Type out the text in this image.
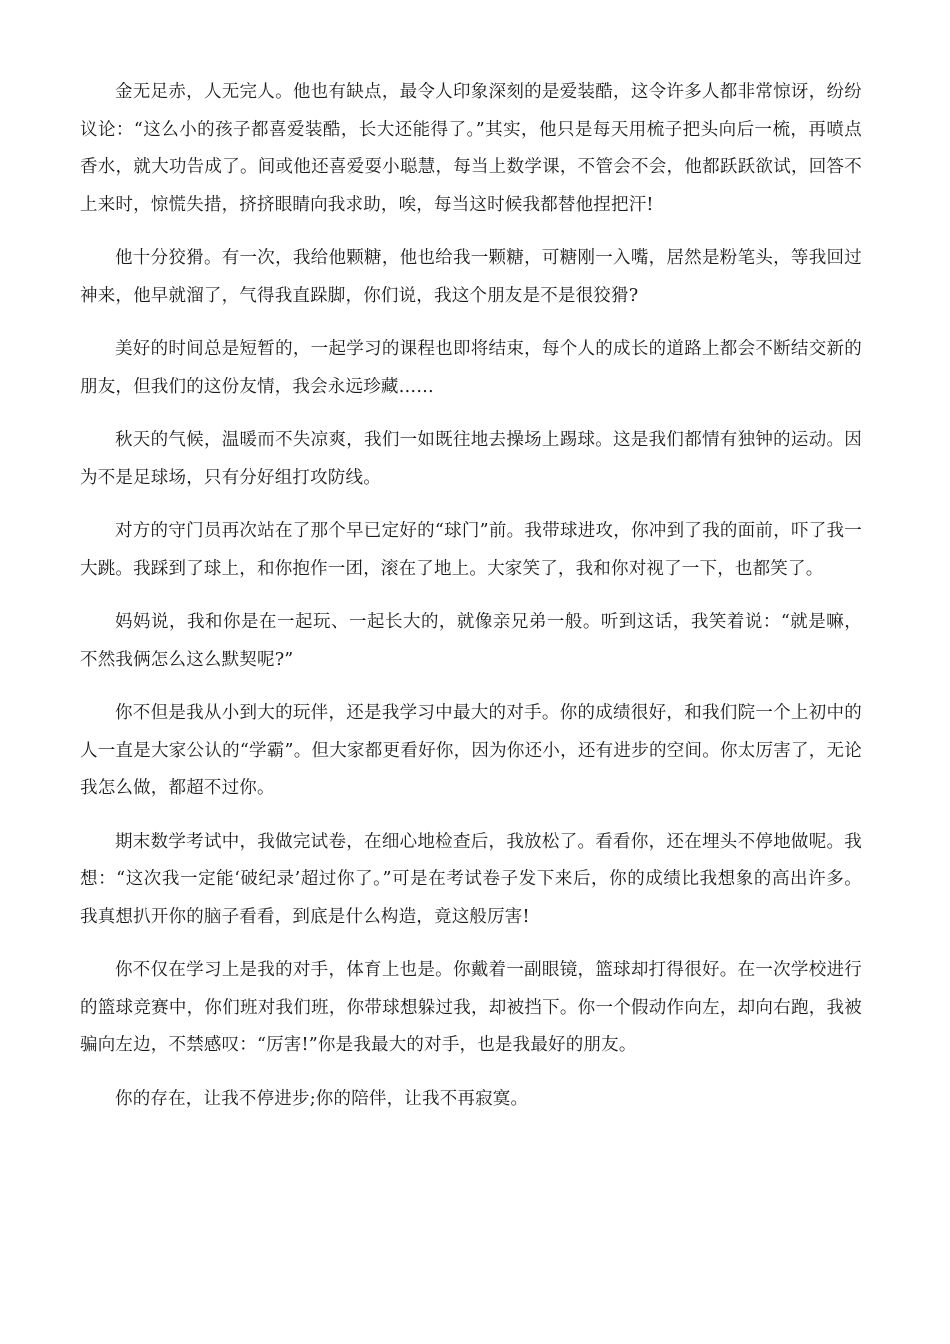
金无足赤，人无完人。他也有缺点，最令人印象深刻的是爱装酷，这令许多人都非常惊讶，纷纷议论：“这么小的孩子都喜爱装酷，长大还能得了。”其实，他只是每天用梳子把头向后一梳，再喷点香水，就大功告成了。间或他还喜爱耍小聪慧，每当上数学课，不管会不会，他都跃跃欲试，回答不上来时，惊慌失措，挤挤眼睛向我求助，唉，每当这时候我都替他捏把汗!

他十分狡猾。有一次，我给他颗糖，他也给我一颗糖，可糖刚一入嘴，居然是粉笔头，等我回过神来，他早就溜了，气得我直跺脚，你们说，我这个朋友是不是很狡猾?

美好的时间总是短暂的，一起学习的课程也即将结束，每个人的成长的道路上都会不断结交新的朋友，但我们的这份友情，我会永远珍藏……

秋天的气候，温暖而不失凉爽，我们一如既往地去操场上踢球。这是我们都情有独钟的运动。因为不是足球场，只有分好组打攻防线。

对方的守门员再次站在了那个早已定好的“球门”前。我带球进攻，你冲到了我的面前，吓了我一大跳。我踩到了球上，和你抱作一团，滚在了地上。大家笑了，我和你对视了一下，也都笑了。

妈妈说，我和你是在一起玩、一起长大的，就像亲兄弟一般。听到这话，我笑着说：“就是嘛，不然我俩怎么这么默契呢?”

你不但是我从小到大的玩伴，还是我学习中最大的对手。你的成绩很好，和我们院一个上初中的人一直是大家公认的“学霸”。但大家都更看好你，因为你还小，还有进步的空间。你太厉害了，无论我怎么做，都超不过你。

期末数学考试中，我做完试卷，在细心地检查后，我放松了。看看你，还在埋头不停地做呢。我想：“这次我一定能‘破纪录’超过你了。”可是在考试卷子发下来后，你的成绩比我想象的高出许多。我真想扒开你的脑子看看，到底是什么构造，竟这般厉害!

你不仅在学习上是我的对手，体育上也是。你戴着一副眼镜，篮球却打得很好。在一次学校进行的篮球竞赛中，你们班对我们班，你带球想躲过我，却被挡下。你一个假动作向左，却向右跑，我被骗向左边，不禁感叹：“厉害!”你是我最大的对手，也是我最好的朋友。

你的存在，让我不停进步;你的陪伴，让我不再寂寞。
